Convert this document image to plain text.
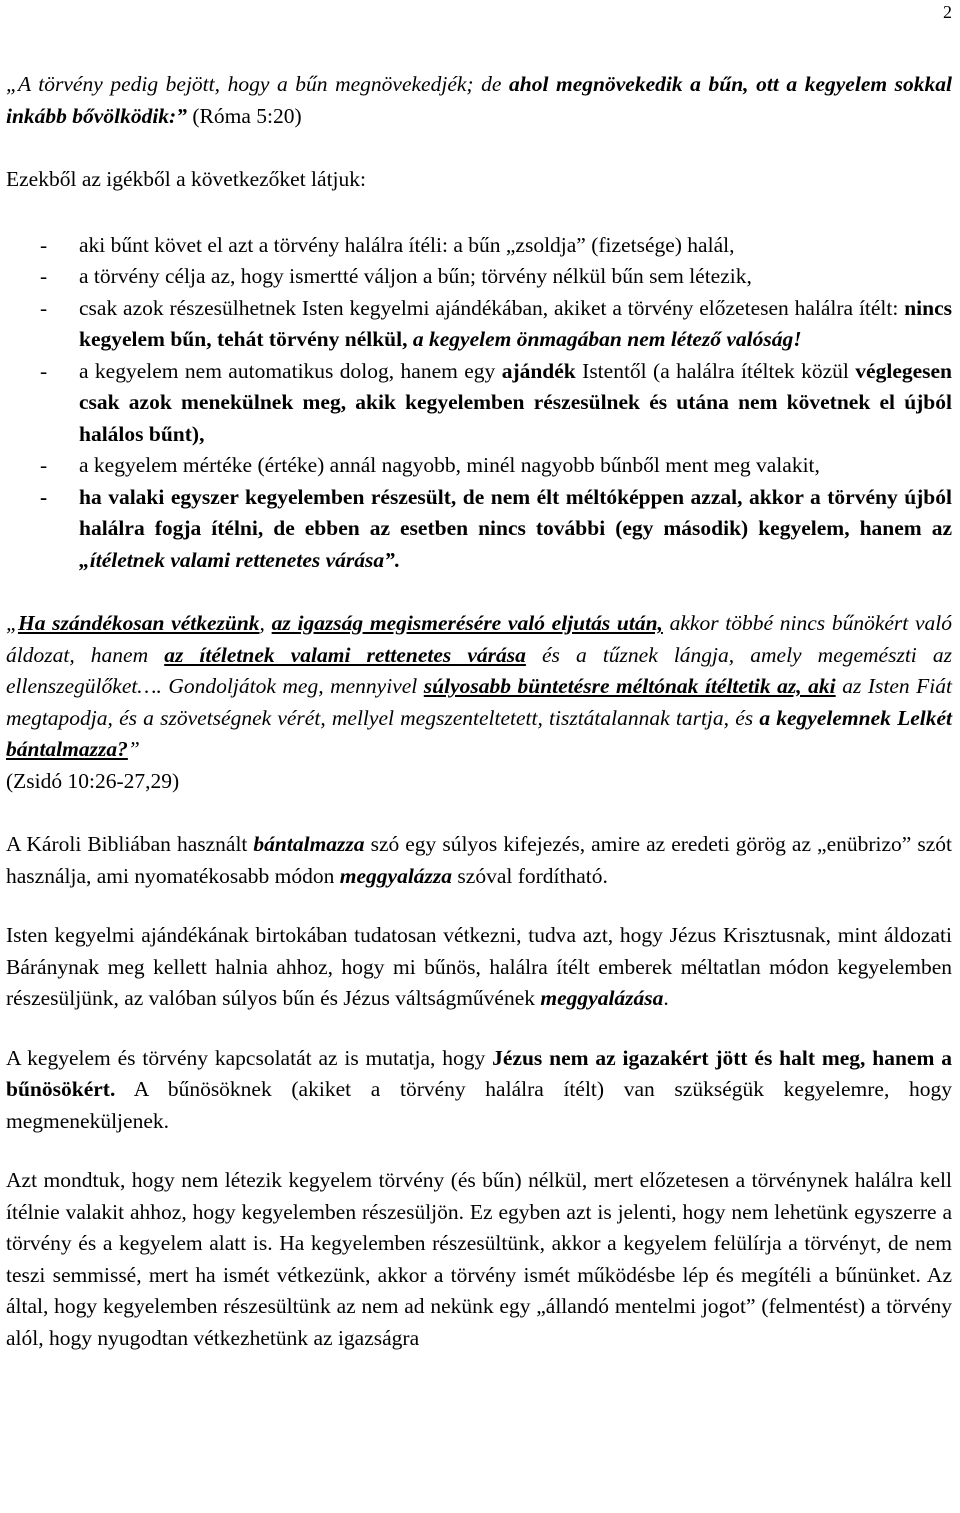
2

„A törvény pedig bejött, hogy a bűn megnövekedjék; de ahol megnövekedik a bűn, ott a kegyelem sokkal inkább bővölködik:” (Róma 5:20)

Ezekből az igékből a következőket látjuk:

- aki bűnt követ el azt a törvény halálra ítéli: a bűn „zsoldja” (fizetsége) halál,
- a törvény célja az, hogy ismertté váljon a bűn; törvény nélkül bűn sem létezik,
- csak azok részesülhetnek Isten kegyelmi ajándékában, akiket a törvény előzetesen halálra ítélt: nincs kegyelem bűn, tehát törvény nélkül, a kegyelem önmagában nem létező valóság!
- a kegyelem nem automatikus dolog, hanem egy ajándék Istentől (a halálra ítéltek közül véglegesen csak azok menekülnek meg, akik kegyelemben részesülnek és utána nem követnek el újból halálos bűnt),
- a kegyelem mértéke (értéke) annál nagyobb, minél nagyobb bűnből ment meg valakit,
- ha valaki egyszer kegyelemben részesült, de nem élt méltóképpen azzal, akkor a törvény újból halálra fogja ítélni, de ebben az esetben nincs további (egy második) kegyelem, hanem az „ítéletnek valami rettenetes várása”.

„Ha szándékosan vétkezünk, az igazság megismerésére való eljutás után, akkor többé nincs bűnökért való áldozat, hanem az ítéletnek valami rettenetes várása és a tűznek lángja, amely megemészti az ellenszegülőket…. Gondoljátok meg, mennyivel súlyosabb büntetésre méltónak ítéltetik az, aki az Isten Fiát megtapodja, és a szövetségnek vérét, mellyel megszenteltetett, tisztátalannak tartja, és a kegyelemnek Lelkét bántalmazza?”
(Zsidó 10:26-27,29)

A Károli Bibliában használt bántalmazza szó egy súlyos kifejezés, amire az eredeti görög az „enübrizo” szót használja, ami nyomatékosabb módon meggyalázza szóval fordítható.

Isten kegyelmi ajándékának birtokában tudatosan vétkezni, tudva azt, hogy Jézus Krisztusnak, mint áldozati Báránynak meg kellett halnia ahhoz, hogy mi bűnös, halálra ítélt emberek méltatlan módon kegyelemben részesüljünk, az valóban súlyos bűn és Jézus váltságművének meggyalázása.

A kegyelem és törvény kapcsolatát az is mutatja, hogy Jézus nem az igazakért jött és halt meg, hanem a bűnösökért. A bűnösöknek (akiket a törvény halálra ítélt) van szükségük kegyelemre, hogy megmeneküljenek.

Azt mondtuk, hogy nem létezik kegyelem törvény (és bűn) nélkül, mert előzetesen a törvénynek halálra kell ítélnie valakit ahhoz, hogy kegyelemben részesüljön. Ez egyben azt is jelenti, hogy nem lehetünk egyszerre a törvény és a kegyelem alatt is. Ha kegyelemben részesültünk, akkor a kegyelem felülírja a törvényt, de nem teszi semmissé, mert ha ismét vétkezünk, akkor a törvény ismét működésbe lép és megítéli a bűnünket. Az által, hogy kegyelemben részesültünk az nem ad nekünk egy „állandó mentelmi jogot” (felmentést) a törvény alól, hogy nyugodtan vétkezhetünk az igazságra
